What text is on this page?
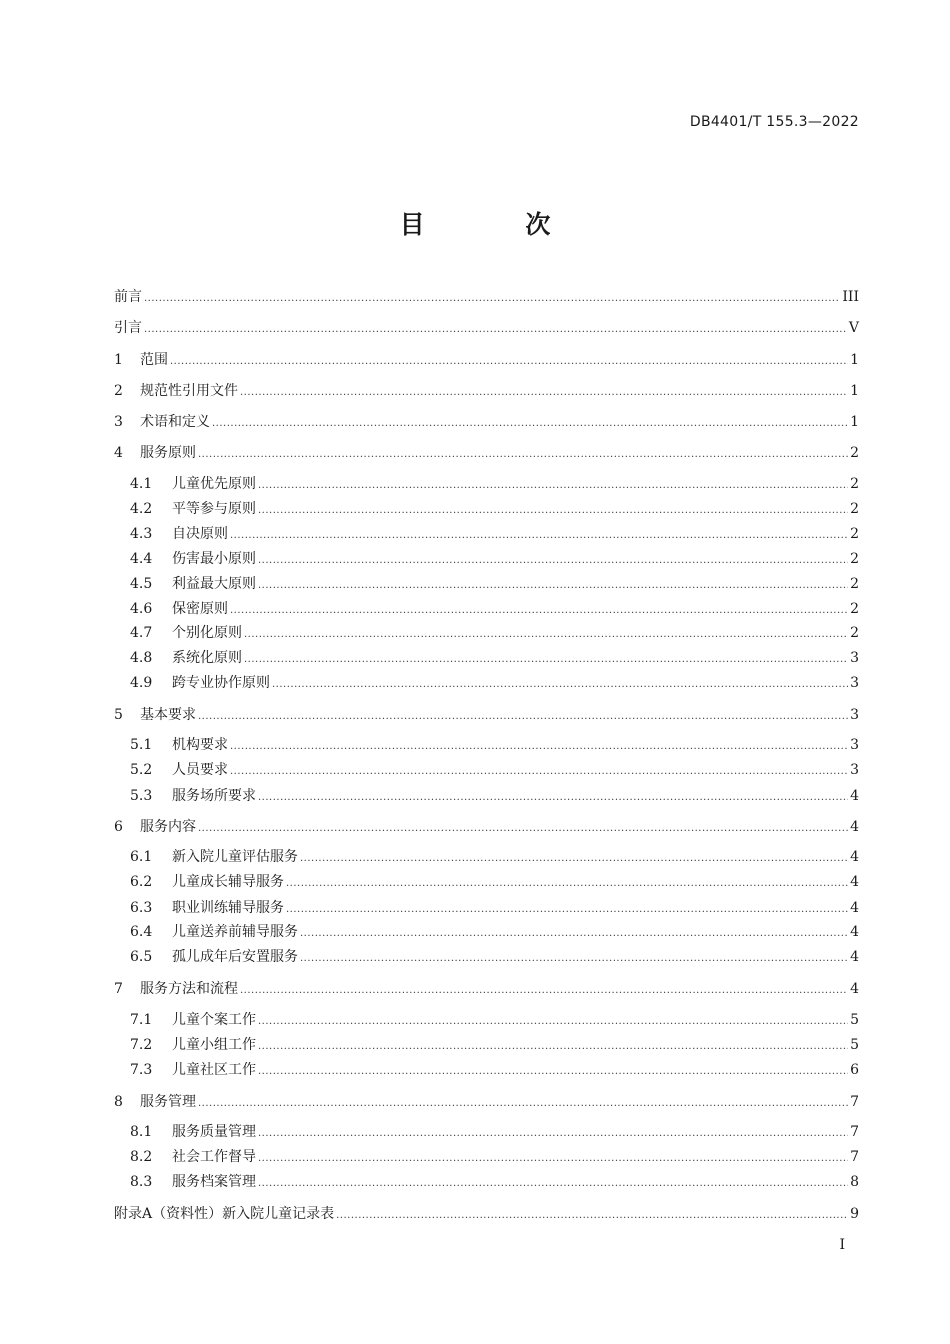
DB4401/T 155.3—2022
目 次
前言 .....	III
引言 .....	V
1	范围 .....	1
2	规范性引用文件 .....	1
3	术语和定义 .....	1
4	服务原则 .....	2
4.1	儿童优先原则 .....	2
4.2	平等参与原则 .....	2
4.3	自决原则 .....	2
4.4	伤害最小原则 .....	2
4.5	利益最大原则 .....	2
4.6	保密原则 .....	2
4.7	个别化原则 .....	2
4.8	系统化原则 .....	3
4.9	跨专业协作原则 .....	3
5	基本要求 .....	3
5.1	机构要求 .....	3
5.2	人员要求 .....	3
5.3	服务场所要求 .....	4
6	服务内容 .....	4
6.1	新入院儿童评估服务 .....	4
6.2	儿童成长辅导服务 .....	4
6.3	职业训练辅导服务 .....	4
6.4	儿童送养前辅导服务 .....	4
6.5	孤儿成年后安置服务 .....	4
7	服务方法和流程 .....	4
7.1	儿童个案工作 .....	5
7.2	儿童小组工作 .....	5
7.3	儿童社区工作 .....	6
8	服务管理 .....	7
8.1	服务质量管理 .....	7
8.2	社会工作督导 .....	7
8.3	服务档案管理 .....	8
附录A（资料性）新入院儿童记录表 .....	9
I
